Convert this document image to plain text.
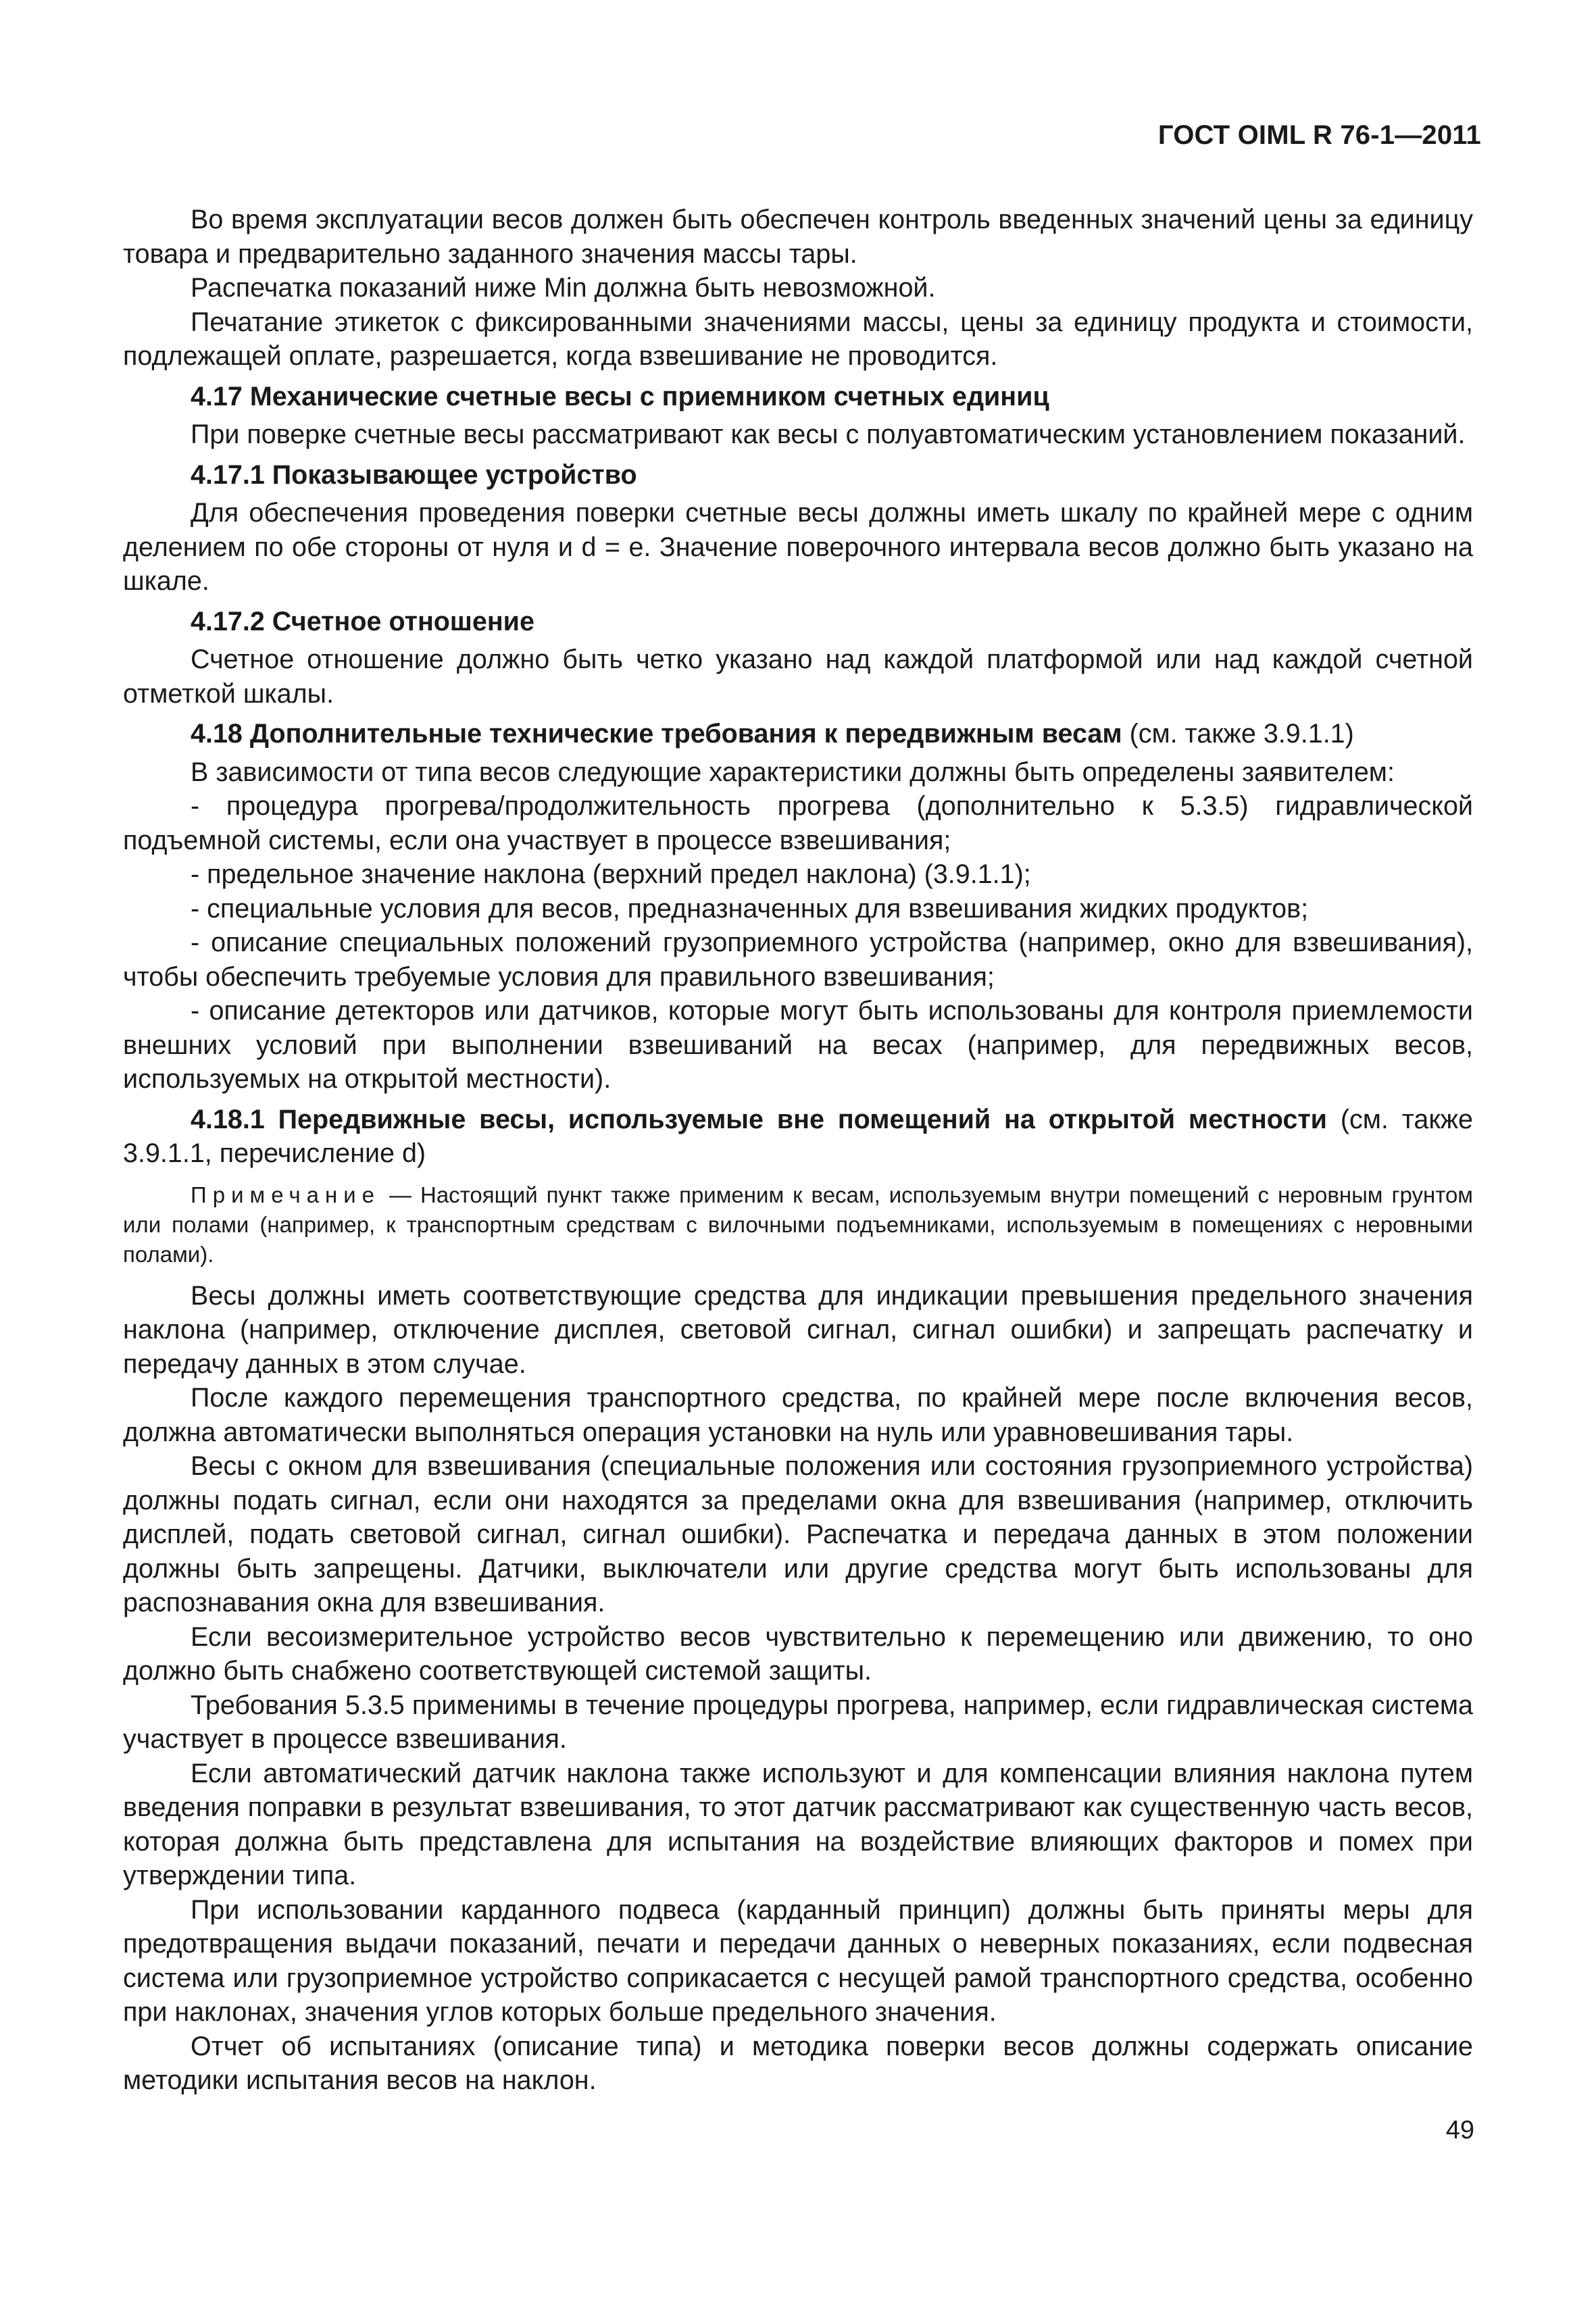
ГОСТ OIML R 76-1—2011

Во время эксплуатации весов должен быть обеспечен контроль введенных значений цены за единицу товара и предварительно заданного значения массы тары.

Распечатка показаний ниже Min должна быть невозможной.

Печатание этикеток с фиксированными значениями массы, цены за единицу продукта и стоимости, подлежащей оплате, разрешается, когда взвешивание не проводится.

4.17 Механические счетные весы с приемником счетных единиц

При поверке счетные весы рассматривают как весы с полуавтоматическим установлением показаний.

4.17.1 Показывающее устройство

Для обеспечения проведения поверки счетные весы должны иметь шкалу по крайней мере с одним делением по обе стороны от нуля и d = e. Значение поверочного интервала весов должно быть указано на шкале.

4.17.2 Счетное отношение

Счетное отношение должно быть четко указано над каждой платформой или над каждой счетной отметкой шкалы.

4.18 Дополнительные технические требования к передвижным весам (см. также 3.9.1.1)

В зависимости от типа весов следующие характеристики должны быть определены заявителем:

- процедура прогрева/продолжительность прогрева (дополнительно к 5.3.5) гидравлической подъемной системы, если она участвует в процессе взвешивания;

- предельное значение наклона (верхний предел наклона) (3.9.1.1);

- специальные условия для весов, предназначенных для взвешивания жидких продуктов;

- описание специальных положений грузоприемного устройства (например, окно для взвешивания), чтобы обеспечить требуемые условия для правильного взвешивания;

- описание детекторов или датчиков, которые могут быть использованы для контроля приемлемости внешних условий при выполнении взвешиваний на весах (например, для передвижных весов, используемых на открытой местности).

4.18.1 Передвижные весы, используемые вне помещений на открытой местности (см. также 3.9.1.1, перечисление d)

Примечание — Настоящий пункт также применим к весам, используемым внутри помещений с неровным грунтом или полами (например, к транспортным средствам с вилочными подъемниками, используемым в помещениях с неровными полами).

Весы должны иметь соответствующие средства для индикации превышения предельного значения наклона (например, отключение дисплея, световой сигнал, сигнал ошибки) и запрещать распечатку и передачу данных в этом случае.

После каждого перемещения транспортного средства, по крайней мере после включения весов, должна автоматически выполняться операция установки на нуль или уравновешивания тары.

Весы с окном для взвешивания (специальные положения или состояния грузоприемного устройства) должны подать сигнал, если они находятся за пределами окна для взвешивания (например, отключить дисплей, подать световой сигнал, сигнал ошибки). Распечатка и передача данных в этом положении должны быть запрещены. Датчики, выключатели или другие средства могут быть использованы для распознавания окна для взвешивания.

Если весоизмерительное устройство весов чувствительно к перемещению или движению, то оно должно быть снабжено соответствующей системой защиты.

Требования 5.3.5 применимы в течение процедуры прогрева, например, если гидравлическая система участвует в процессе взвешивания.

Если автоматический датчик наклона также используют и для компенсации влияния наклона путем введения поправки в результат взвешивания, то этот датчик рассматривают как существенную часть весов, которая должна быть представлена для испытания на воздействие влияющих факторов и помех при утверждении типа.

При использовании карданного подвеса (карданный принцип) должны быть приняты меры для предотвращения выдачи показаний, печати и передачи данных о неверных показаниях, если подвесная система или грузоприемное устройство соприкасается с несущей рамой транспортного средства, особенно при наклонах, значения углов которых больше предельного значения.

Отчет об испытаниях (описание типа) и методика поверки весов должны содержать описание методики испытания весов на наклон.

49
